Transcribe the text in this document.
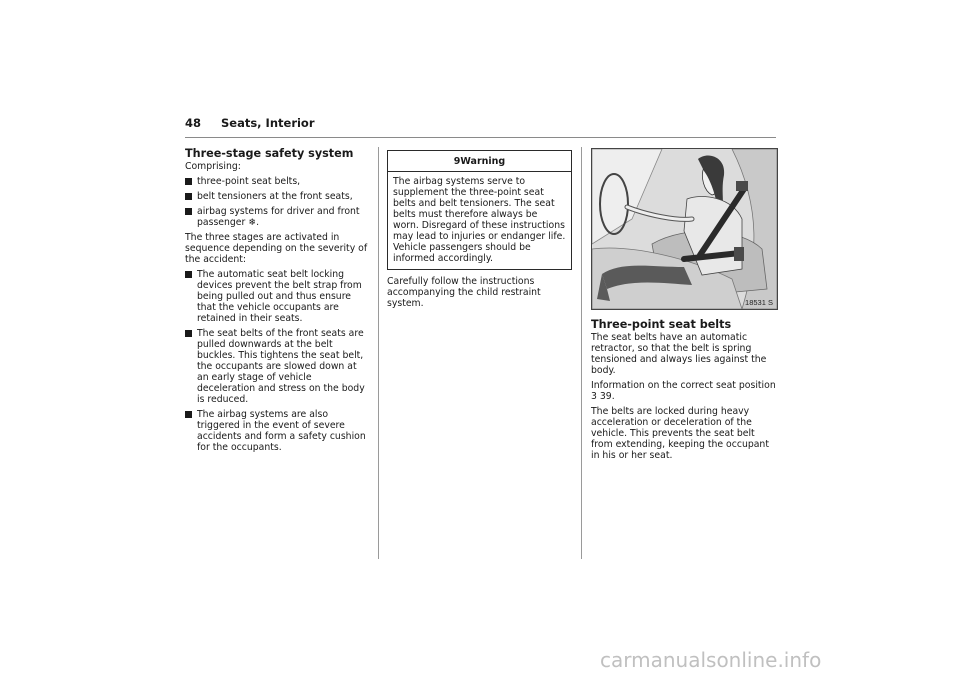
48 Seats, Interior
Three-stage safety system

Comprising:

three-point seat belts,
belt tensioners at the front seats,
airbag systems for driver and front passenger ❄.

The three stages are activated in sequence depending on the severity of the accident:

The automatic seat belt locking devices prevent the belt strap from being pulled out and thus ensure that the vehicle occupants are retained in their seats.
The seat belts of the front seats are pulled downwards at the belt buckles. This tightens the seat belt, the occupants are slowed down at an early stage of vehicle deceleration and stress on the body is reduced.
The airbag systems are also triggered in the event of severe accidents and form a safety cushion for the occupants.
9Warning
The airbag systems serve to supplement the three-point seat belts and belt tensioners. The seat belts must therefore always be worn. Disregard of these instructions may lead to injuries or endanger life. Vehicle passengers should be informed accordingly.

Carefully follow the instructions accompanying the child restraint system.	18531 S
Three-point seat belts

The seat belts have an automatic retractor, so that the belt is spring tensioned and always lies against the body.

Information on the correct seat position
3 39.

The belts are locked during heavy acceleration or deceleration of the vehicle. This prevents the seat belt from extending, keeping the occupant in his or her seat.

carmanualsonline.info
